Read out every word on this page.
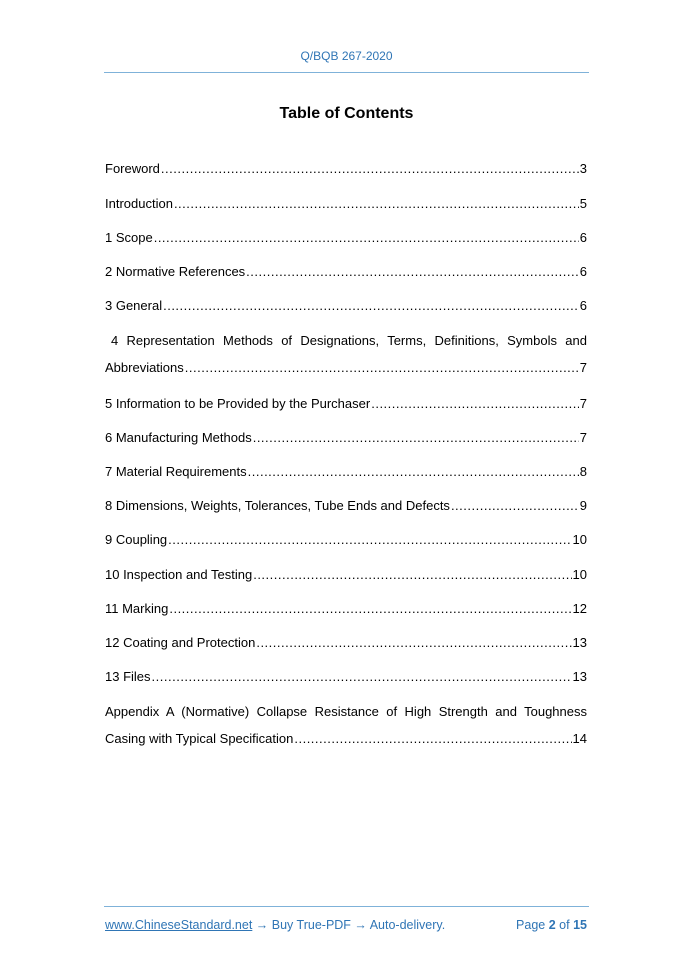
Q/BQB 267-2020
Table of Contents
Foreword .....	3
Introduction .....	5
1 Scope .....	6
2 Normative References .....	6
3 General .....	6
4 Representation Methods of Designations, Terms, Definitions, Symbols and
Abbreviations .....	7
5 Information to be Provided by the Purchaser .....	7
6 Manufacturing Methods .....	7
7 Material Requirements .....	8
8 Dimensions, Weights, Tolerances, Tube Ends and Defects .....	9
9 Coupling .....	10
10 Inspection and Testing .....	10
11 Marking .....	12
12 Coating and Protection .....	13
13 Files .....	13
Appendix A (Normative) Collapse Resistance of High Strength and Toughness
Casing with Typical Specification .....	14
www.ChineseStandard.net → Buy True-PDF → Auto-delivery.	Page 2 of 15
